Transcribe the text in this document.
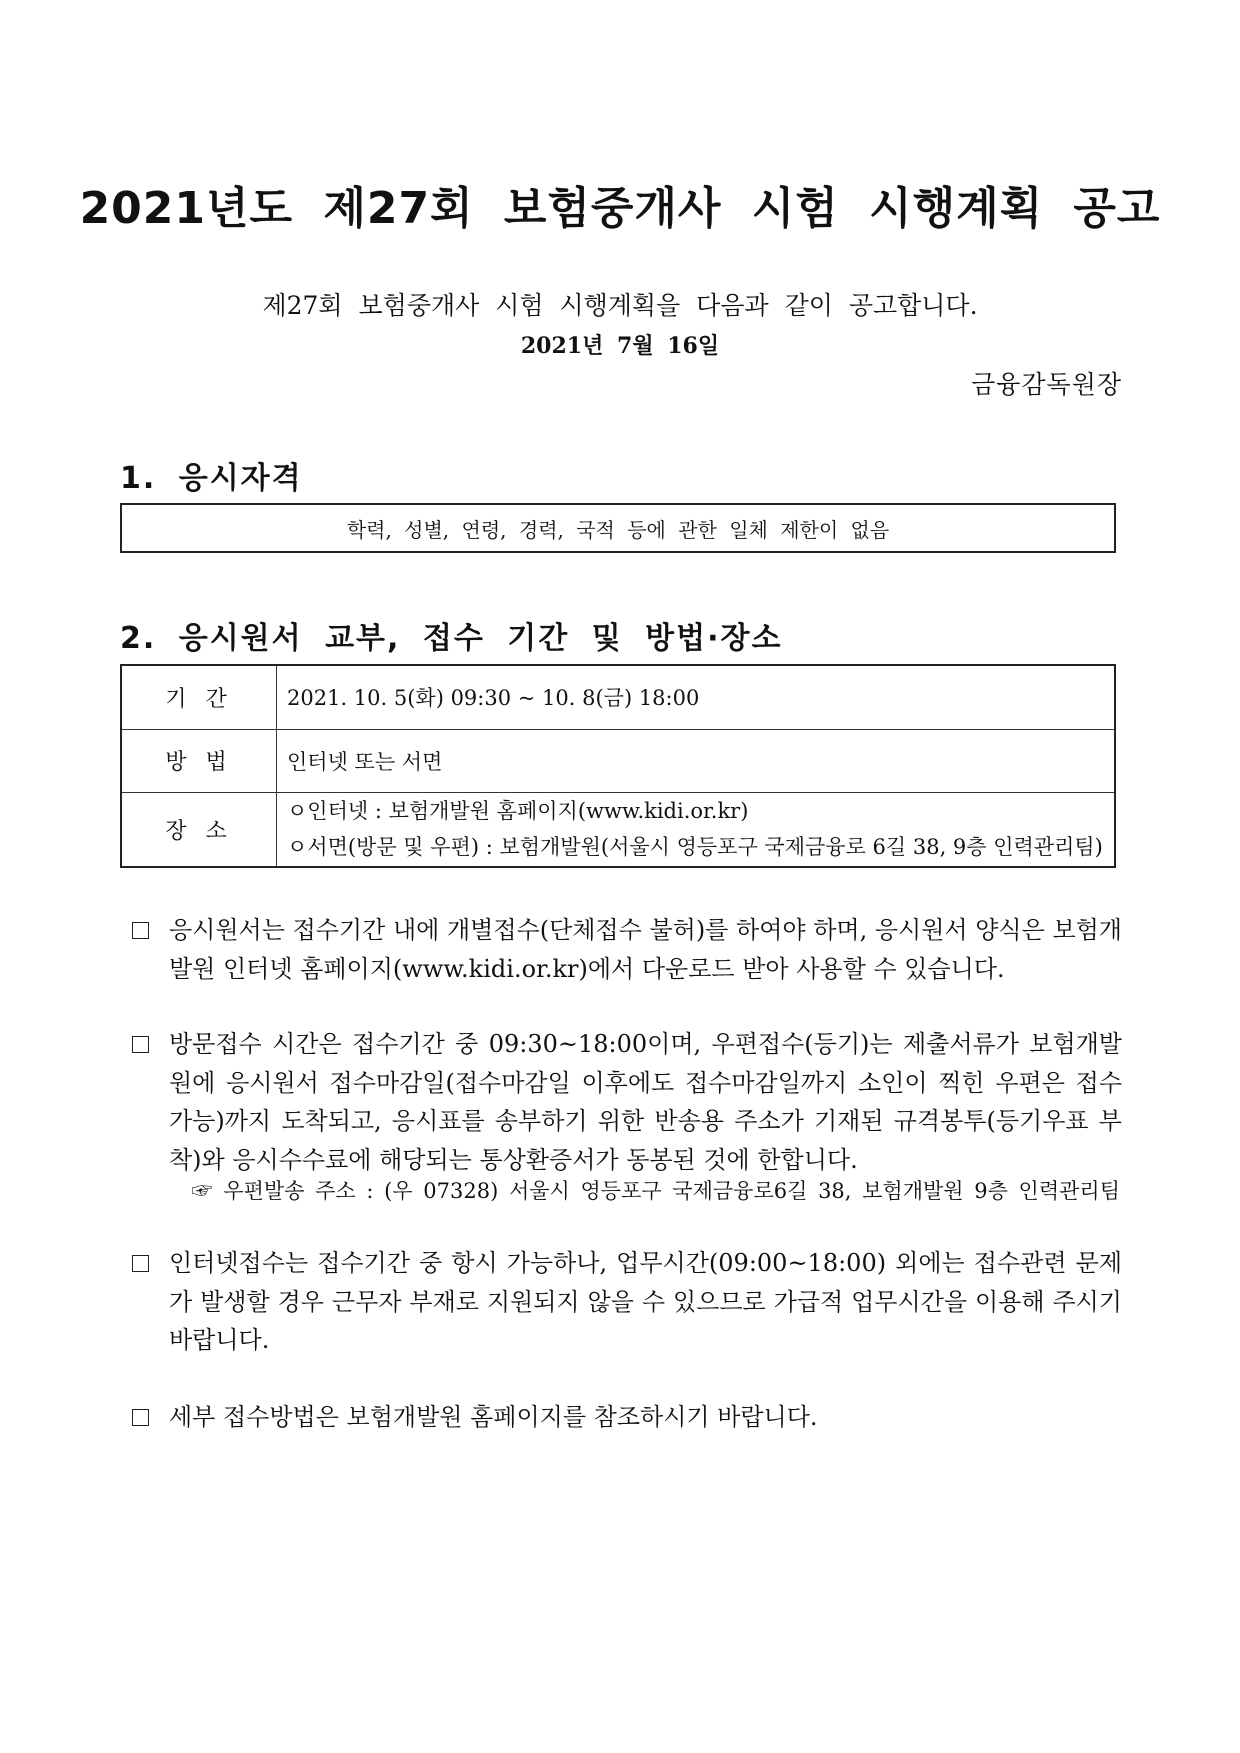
2021년도 제27회 보험중개사 시험 시행계획 공고
제27회 보험중개사 시험 시행계획을 다음과 같이 공고합니다.
2021년 7월 16일
금융감독원장
1. 응시자격
학력, 성별, 연령, 경력, 국적 등에 관한 일체 제한이 없음
2. 응시원서 교부, 접수 기간 및 방법·장소
기 간	2021. 10. 5(화) 09:30 ~ 10. 8(금) 18:00
방 법	인터넷 또는 서면
장 소	ㅇ인터넷 : 보험개발원 홈페이지(www.kidi.or.kr)
ㅇ서면(방문 및 우편) : 보험개발원(서울시 영등포구 국제금융로 6길 38, 9층 인력관리팀)
응시원서는 접수기간 내에 개별접수(단체접수 불허)를 하여야 하며, 응시원서 양식은 보험개발원 인터넷 홈페이지(www.kidi.or.kr)에서 다운로드 받아 사용할 수 있습니다.
방문접수 시간은 접수기간 중 09:30~18:00이며, 우편접수(등기)는 제출서류가 보험개발원에 응시원서 접수마감일(접수마감일 이후에도 접수마감일까지 소인이 찍힌 우편은 접수 가능)까지 도착되고, 응시표를 송부하기 위한 반송용 주소가 기재된 규격봉투(등기우표 부착)와 응시수수료에 해당되는 통상환증서가 동봉된 것에 한합니다.
☞ 우편발송 주소 : (우 07328) 서울시 영등포구 국제금융로6길 38, 보험개발원 9층 인력관리팀
인터넷접수는 접수기간 중 항시 가능하나, 업무시간(09:00~18:00) 외에는 접수관련 문제가 발생할 경우 근무자 부재로 지원되지 않을 수 있으므로 가급적 업무시간을 이용해 주시기 바랍니다.
세부 접수방법은 보험개발원 홈페이지를 참조하시기 바랍니다.
